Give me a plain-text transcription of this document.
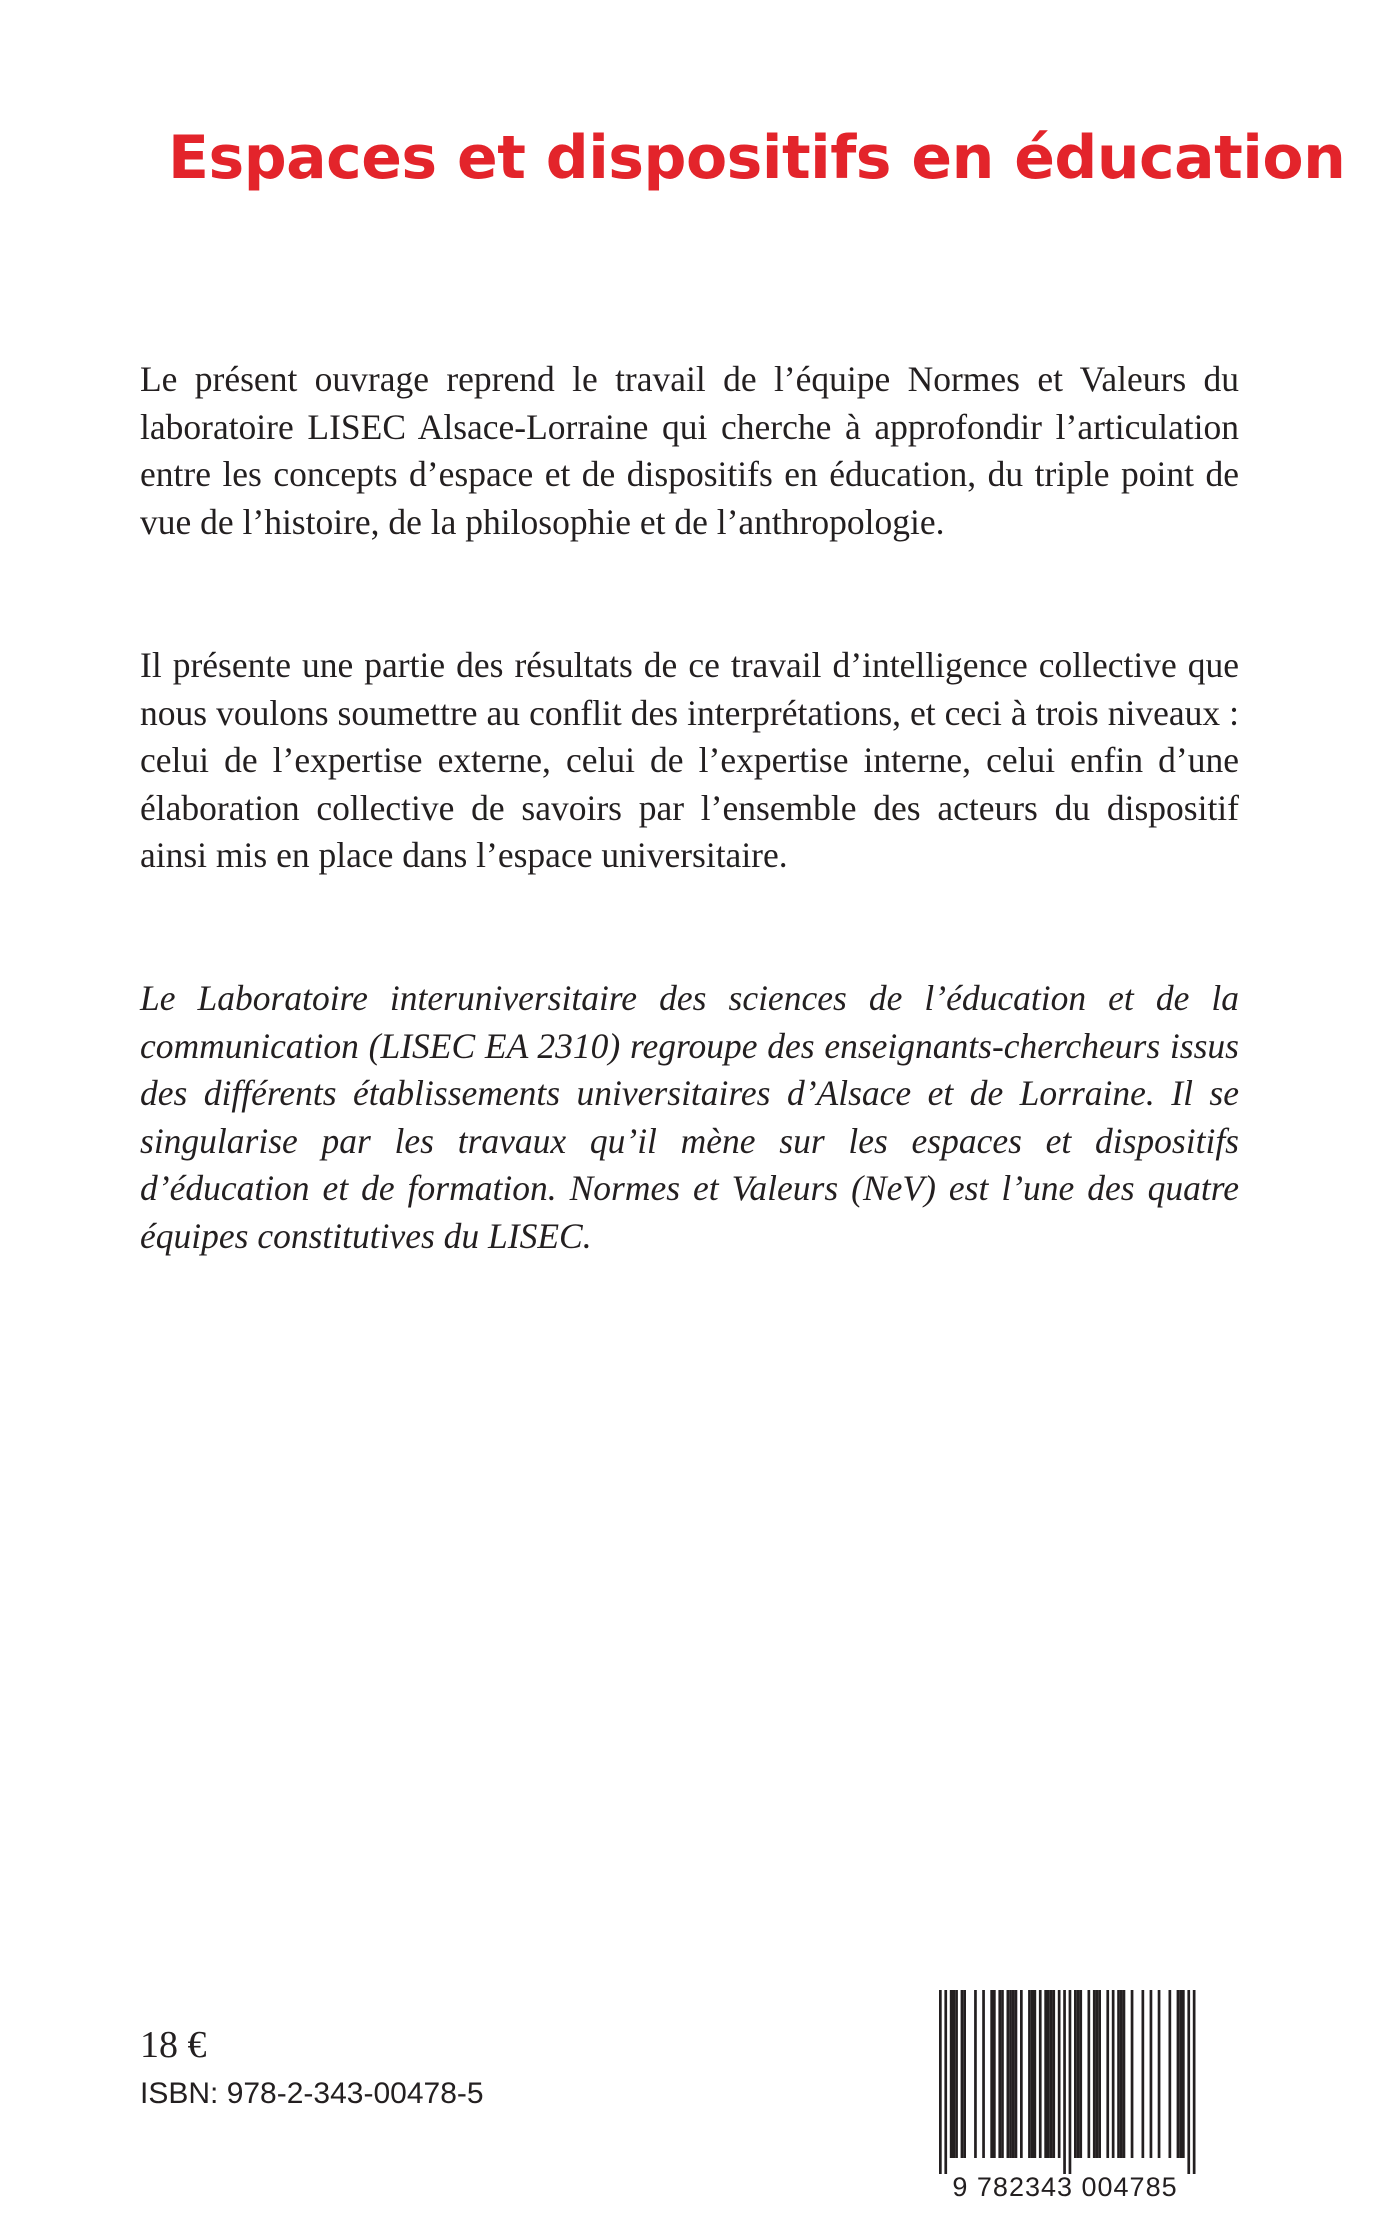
Espaces et dispositifs en éducation

Le présent ouvrage reprend le travail de l’équipe Normes et Valeurs du laboratoire LISEC Alsace-Lorraine qui cherche à approfondir l’articulation entre les concepts d’espace et de dispositifs en éducation, du triple point de vue de l’histoire, de la philosophie et de l’anthropologie.

Il présente une partie des résultats de ce travail d’intelligence collective que nous voulons soumettre au conflit des interprétations, et ceci à trois niveaux : celui de l’expertise externe, celui de l’expertise interne, celui enfin d’une élaboration collective de savoirs par l’ensemble des acteurs du dispositif ainsi mis en place dans l’espace universitaire.

Le Laboratoire interuniversitaire des sciences de l’éducation et de la communication (LISEC EA 2310) regroupe des enseignants-chercheurs issus des différents établissements universitaires d’Alsace et de Lorraine. Il se singularise par les travaux qu’il mène sur les espaces et dispositifs d’éducation et de formation. Normes et Valeurs (NeV) est l’une des quatre équipes constitutives du LISEC.

18 €

ISBN: 978-2-343-00478-5

9 782343 004785
